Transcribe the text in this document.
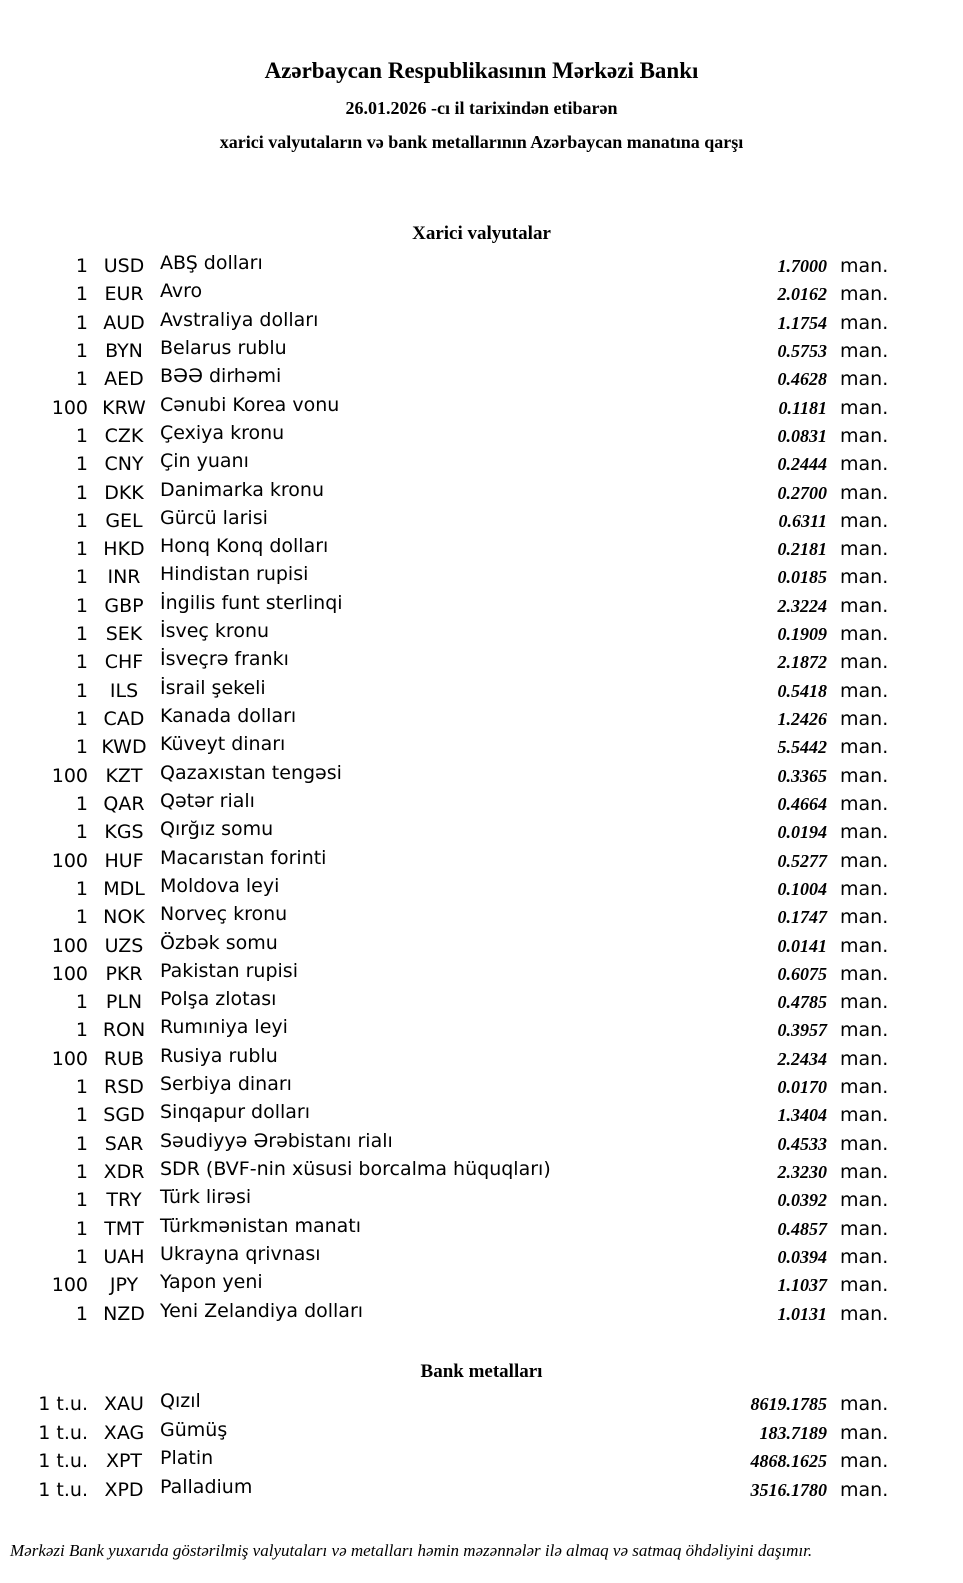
Azərbaycan Respublikasının Mərkəzi Bankı
26.01.2026 -cı il tarixindən etibarən
xarici valyutaların və bank metallarının Azərbaycan manatına qarşı
Xarici valyutalar
1 USD ABŞ dolları	1.7000 man.
1 EUR Avro	2.0162 man.
1 AUD Avstraliya dolları	1.1754 man.
1 BYN Belarus rublu	0.5753 man.
1 AED BƏƏ dirhəmi	0.4628 man.
100 KRW Cənubi Korea vonu	0.1181 man.
1 CZK Çexiya kronu	0.0831 man.
1 CNY Çin yuanı	0.2444 man.
1 DKK Danimarka kronu	0.2700 man.
1 GEL Gürcü larisi	0.6311 man.
1 HKD Honq Konq dolları	0.2181 man.
1	INR	Hindistan rupisi	0.0185 man.
1 GBP İngilis funt sterlinqi	2.3224 man.
1 SEK İsveç kronu	0.1909 man.
1 CHF İsveçrə frankı	2.1872 man.
1	ILS	İsrail şekeli	0.5418 man.
1 CAD Kanada dolları	1.2426 man.
1 KWD Küveyt dinarı	5.5442 man.
100 KZT Qazaxıstan tengəsi	0.3365 man.
1 QAR Qətər rialı	0.4664 man.
1 KGS Qırğız somu	0.0194 man.
100 HUF Macarıstan forinti	0.5277 man.
1 MDL Moldova leyi	0.1004 man.
1 NOK Norveç kronu	0.1747 man.
100 UZS Özbək somu	0.0141 man.
100 PKR Pakistan rupisi	0.6075 man.
1 PLN Polşa zlotası	0.4785 man.
1 RON Rumıniya leyi	0.3957 man.
100 RUB Rusiya rublu	2.2434 man.
1 RSD Serbiya dinarı	0.0170 man.
1 SGD Sinqapur dolları	1.3404 man.
1 SAR Səudiyyə Ərəbistanı rialı	0.4533 man.
1 XDR SDR (BVF-nin xüsusi borcalma hüquqları)	2.3230 man.
1 TRY Türk lirəsi	0.0392 man.
1 TMT Türkmənistan manatı	0.4857 man.
1 UAH Ukrayna qrivnası	0.0394 man.
100	JPY	Yapon yeni	1.1037 man.
1 NZD Yeni Zelandiya dolları	1.0131 man.
Bank metalları
1 t.u. XAU Qızıl	8619.1785 man.
1 t.u. XAG Gümüş	183.7189 man.
1 t.u. XPT Platin	4868.1625 man.
1 t.u. XPD Palladium	3516.1780 man.
Mərkəzi Bank yuxarıda göstərilmiş valyutaları və metalları həmin məzənnələr ilə almaq və satmaq öhdəliyini daşımır.
